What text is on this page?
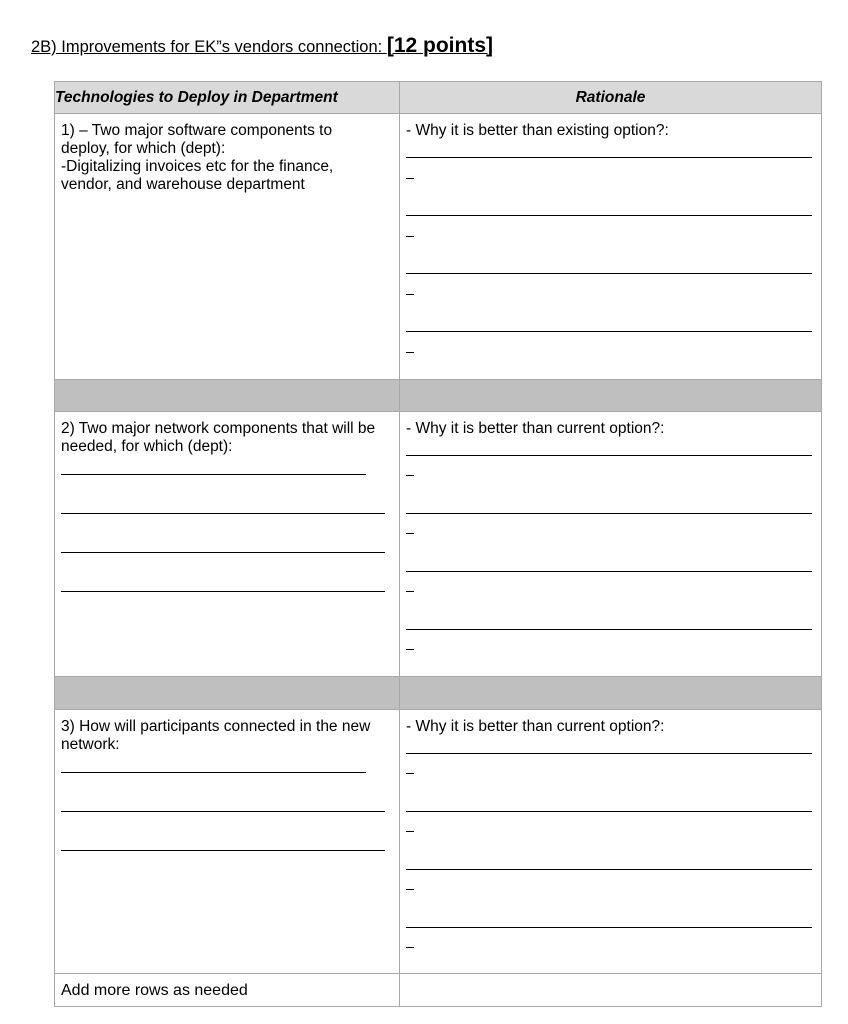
2B) Improvements for EK”s vendors connection: [12 points]
Technologies to Deploy in Department	Rationale

1) – Two major software components to deploy, for which (dept):
-Digitalizing invoices etc for the finance, vendor, and warehouse department	- Why it is better than existing option?:

2) Two major network components that will be needed, for which (dept):	- Why it is better than current option?:

3) How will participants connected in the new network:	- Why it is better than current option?:

Add more rows as needed	
